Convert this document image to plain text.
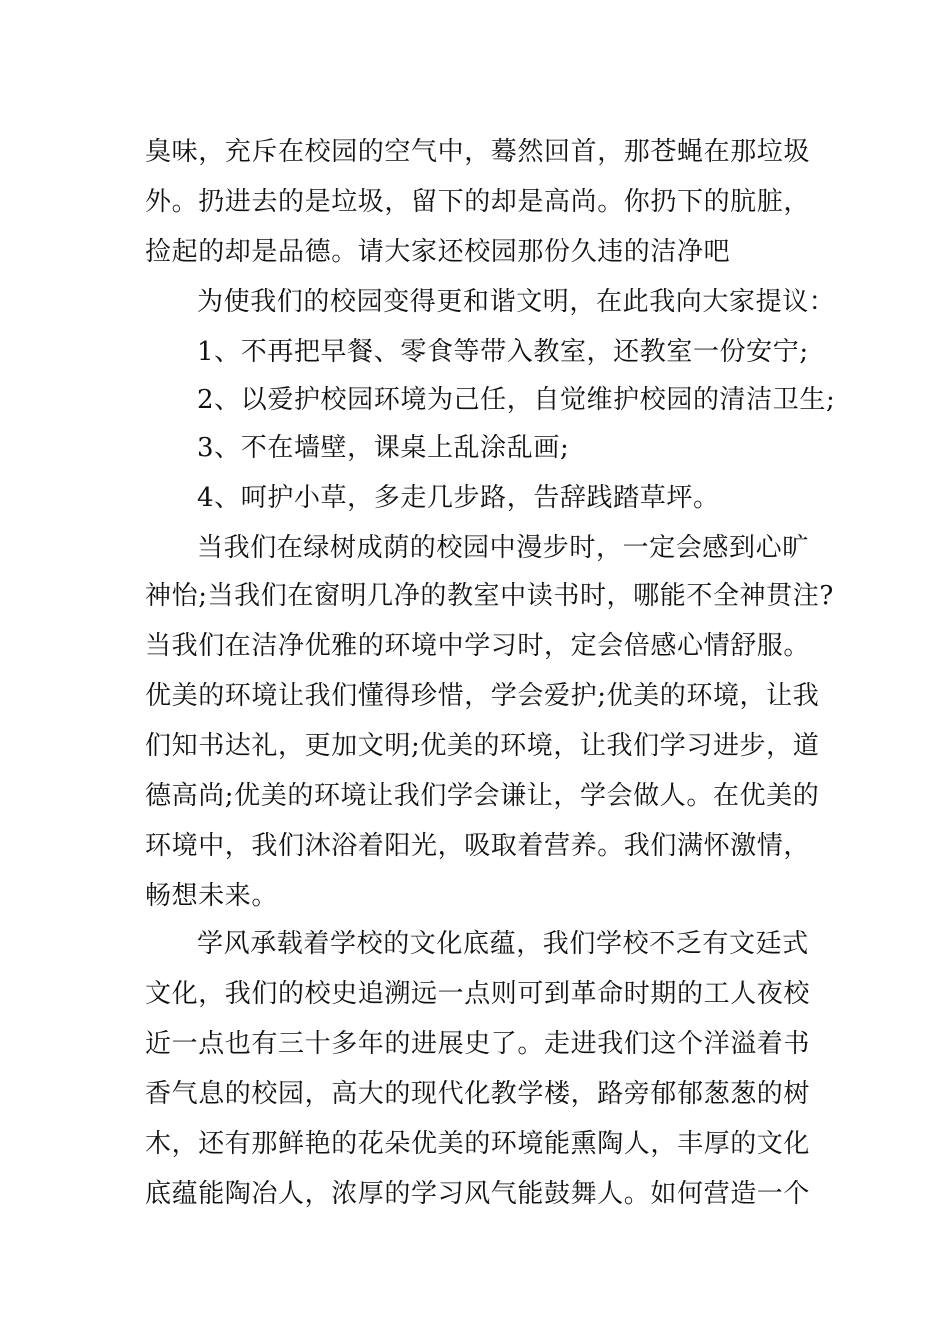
臭味，充斥在校园的空气中，蓦然回首，那苍蝇在那垃圾
外。扔进去的是垃圾，留下的却是高尚。你扔下的肮脏，
捡起的却是品德。请大家还校园那份久违的洁净吧
为使我们的校园变得更和谐文明，在此我向大家提议：
1、不再把早餐、零食等带入教室，还教室一份安宁;
2、以爱护校园环境为己任，自觉维护校园的清洁卫生;
3、不在墙壁，课桌上乱涂乱画;
4、呵护小草，多走几步路，告辞践踏草坪。
当我们在绿树成荫的校园中漫步时，一定会感到心旷
神怡;当我们在窗明几净的教室中读书时，哪能不全神贯注?
当我们在洁净优雅的环境中学习时，定会倍感心情舒服。
优美的环境让我们懂得珍惜，学会爱护;优美的环境，让我
们知书达礼，更加文明;优美的环境，让我们学习进步，道
德高尚;优美的环境让我们学会谦让，学会做人。在优美的
环境中，我们沐浴着阳光，吸取着营养。我们满怀激情，
畅想未来。
学风承载着学校的文化底蕴，我们学校不乏有文廷式
文化，我们的校史追溯远一点则可到革命时期的工人夜校
近一点也有三十多年的进展史了。走进我们这个洋溢着书
香气息的校园，高大的现代化教学楼，路旁郁郁葱葱的树
木，还有那鲜艳的花朵优美的环境能熏陶人，丰厚的文化
底蕴能陶冶人，浓厚的学习风气能鼓舞人。如何营造一个
